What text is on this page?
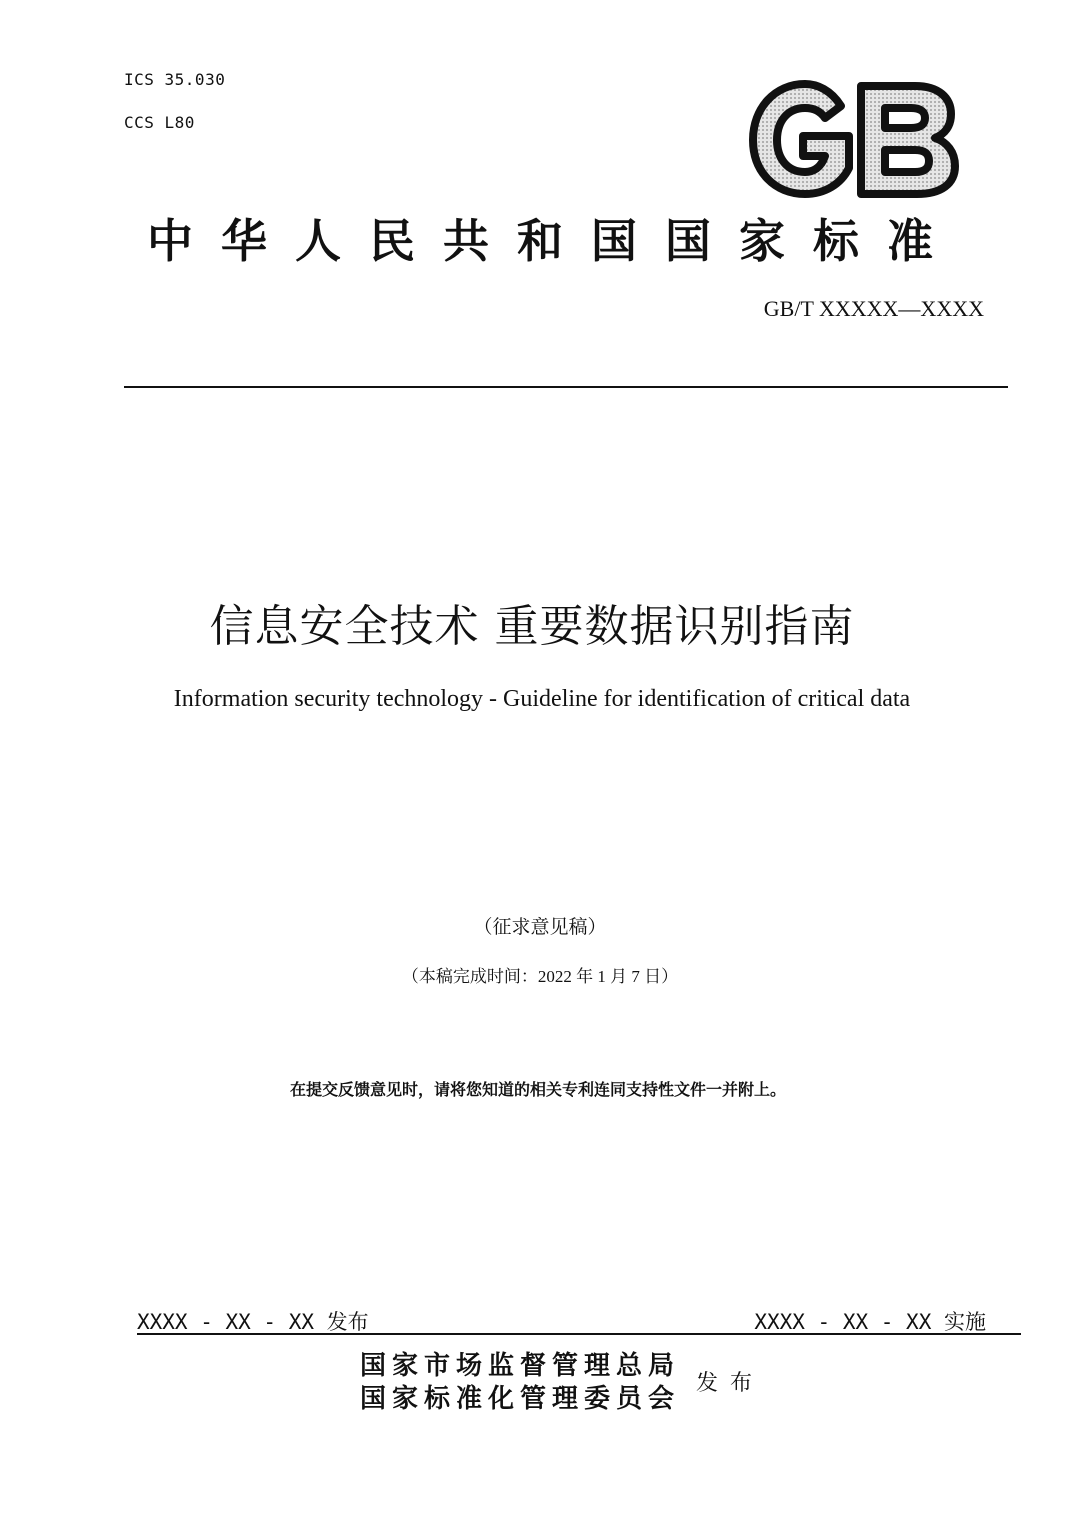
ICS 35.030
CCS L80
中华人民共和国国家标准
GB/T XXXXX—XXXX
信息安全技术 重要数据识别指南
Information security technology - Guideline for identification of critical data
（征求意见稿）
（本稿完成时间：2022 年 1 月 7 日）
在提交反馈意见时，请将您知道的相关专利连同支持性文件一并附上。
XXXX - XX - XX 发布	XXXX - XX - XX 实施
国家市场监督管理总局
国家标准化管理委员会
发布
